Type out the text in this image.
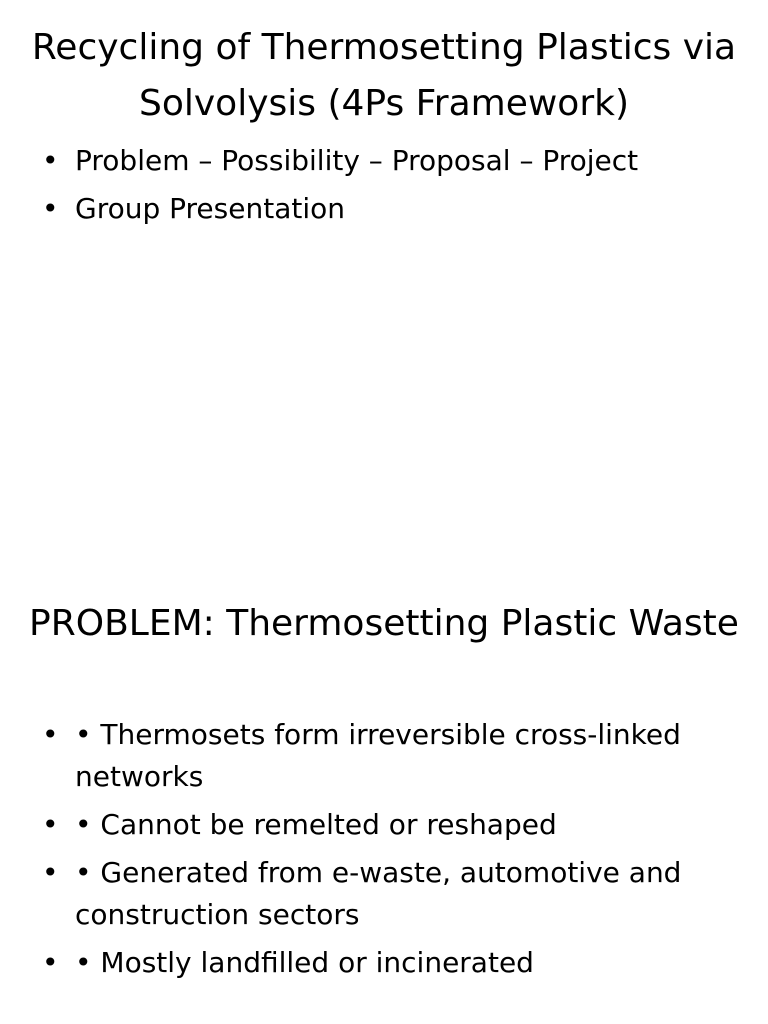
Recycling of Thermosetting Plastics via Solvolysis (4Ps Framework)
• Problem – Possibility – Proposal – Project
• Group Presentation
PROBLEM: Thermosetting Plastic Waste
• • Thermosets form irreversible cross-linked networks
• • Cannot be remelted or reshaped
• • Generated from e-waste, automotive and construction sectors
• • Mostly landfilled or incinerated
